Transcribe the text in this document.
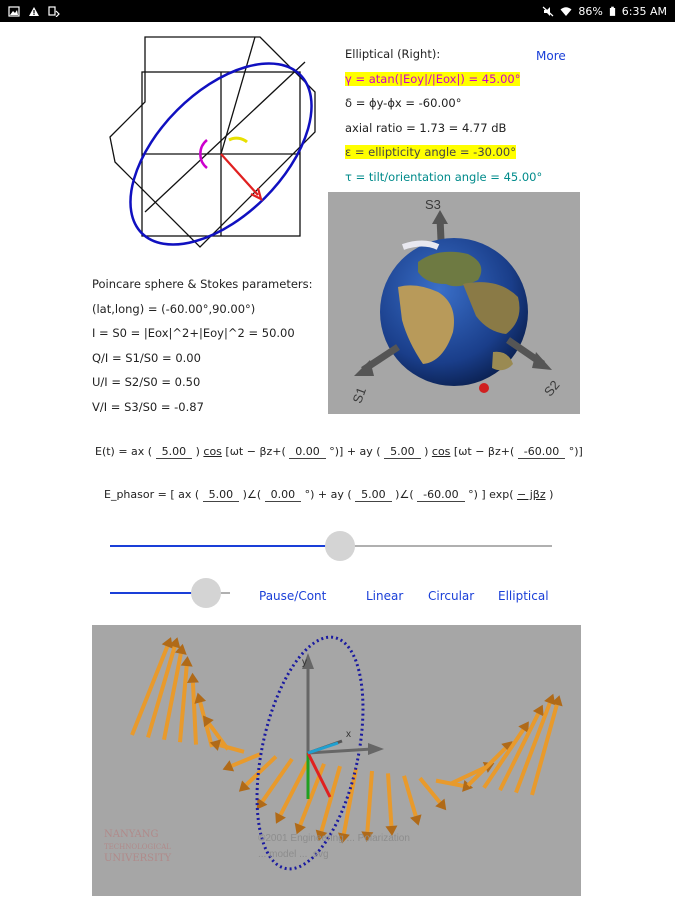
86% 6:35 AM
Elliptical (Right):
γ = atan(|Eoy|/|Eox|) = 45.00°
δ = ϕy-ϕx = -60.00°
axial ratio = 1.73 = 4.77 dB
ε = ellipticity angle = -30.00°
τ = tilt/orientation angle = 45.00°
More
S3
S2
S1
Poincare sphere & Stokes parameters:
(lat,long) = (-60.00°,90.00°)
I = S0 = |Eox|^2+|Eoy|^2 = 50.00
Q/I = S1/S0 = 0.00
U/I = S2/S0 = 0.50
V/I = S3/S0 = -0.87
E(t) = ax ( 5.00 ) cos [ωt − βz+( 0.00 °)] + ay ( 5.00 ) cos [ωt − βz+( -60.00 °)]
E_phasor = [ ax ( 5.00 )∠( 0.00 °) + ay ( 5.00 )∠( -60.00 °) ] exp( − jβz )
Pause/Cont	Linear Circular Elliptical
y
x
NANYANG
TECHNOLOGICAL
UNIVERSITY
©2001 Engineering ... Polarization
... model ... .svg
